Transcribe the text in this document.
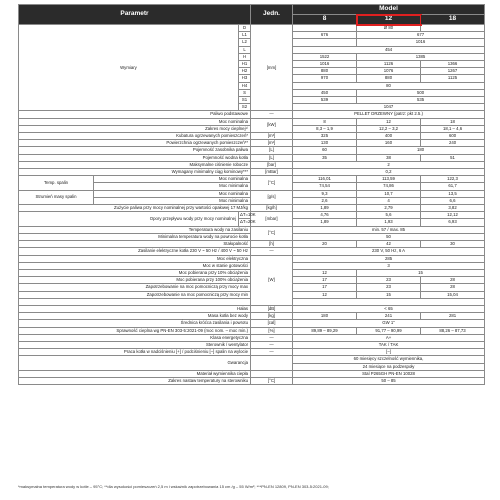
Parametr			Jedn.	Model		
				8	12	18
Wymiary		D	[mm]		Ø 80	
		L1		676	677	
		L2			1016	
		L		454		
		H		1522	1385	
		H1		1016	1126	1366
		H2		880	1076	1267
		H3		970	880	1125
		H4		80		
		S		450	500	
		S1		539	535	
		S2		1047		
Paliwo podstawowe			—	PELLET DRZEWNY (patrz: pkt 2.5.)		
Moc nominalna			[kW]	8	12	18
Zakres mocy cieplnej¹⁾				8,3 – 1,9	12,2 – 3,2	18,1 – 4,6
Kubatura ogrzewanych pomieszczeń*			[m³]	325	400	600
Powierzchnia ogrzewanych pomieszczeń**			[m²]	130	160	240
Pojemność zasobnika paliwa			[L]	60	180	
Pojemność wodna kotła			[L]	35	38	51
Maksymalne ciśnienie robocze			[bar]	2		
Wymagany minimalny ciąg kominowy***			[mBar]	0,2		
Temp. spalin	Moc nominalna		[°C]	116,01	113,59	122,3
	Moc minimalna			74,54	74,86	61,7
Strumień masy spalin	Moc nominalna		[g/s]	9,3	10,7	13,5
	Moc minimalna			2,6	4	6,6
Zużycie paliwa przy mocy nominalnej przy wartości opałowej 17 MJ/kg			[kg/h]	1,89	2,79	3,82
Opory przepływu wody przy mocy nominalnej		ΔT=10K	[mbar]	4,76	5,6	12,12
		ΔT=20K		1,89	1,93	6,93
Temperatura wody na zasilaniu			[°C]	min. 57 / max. 85		
Minimalna temperatura wody na powrocie kotła				50		
Stałopalność			[h]	20	42	30
Zasilanie elektryczne kotła 230 V ~ 50 Hz / 400 V ~ 50 Hz			—	230 V, 50 Hz, 6 A		
Moc elektryczna			[W]	285		
Moc w stanie gotowości				3		
Moc pobierana przy 10% obciążenia				12	15	
Moc pobierana przy 100% obciążenia				17	23	28
Zapotrzebowanie na moc pomocniczą przy mocy max				17	23	28
Zapotrzebowanie na moc pomocniczą przy mocy min				12	15	15,04

Hałas			[dB]	< 65		
Masa kotła bez wody			[kg]	180	241	281
Średnica króćca zasilania i powrotu			[cal]	GW 1"		
Sprawność cieplna wg PN-EN 303-5:2021-09 (moc nom. – moc min.)			[%]	89,89 – 89,29	91,77 – 90,99	88,26 – 87,73
Klasa energetyczna			—	A+		
Sterownik / wentylator			—	TAK / TAK		
Praca kotła w nadciśnieniu [+] / podciśnieniu [–] spalin na wylocie			—	[–]		
Gwarancja				60 miesięcy szczelność wymiennika,		
				24 miesiące na podzespoły		
Materiał wymiennika ciepła				Stal P265GH PN-EN 10028		
Zakres nastaw temperatury na sterowniku			[°C]	50 – 85		
*maksymalna temperatura wody w kotle – 95°C; **dla wysokości pomieszczeń 2,5 m i wskaźnik zapotrzebowania 15 cm /g – 55 W/m²; ***PN-EN 12809, PN-EN 303-5:2021-09;
